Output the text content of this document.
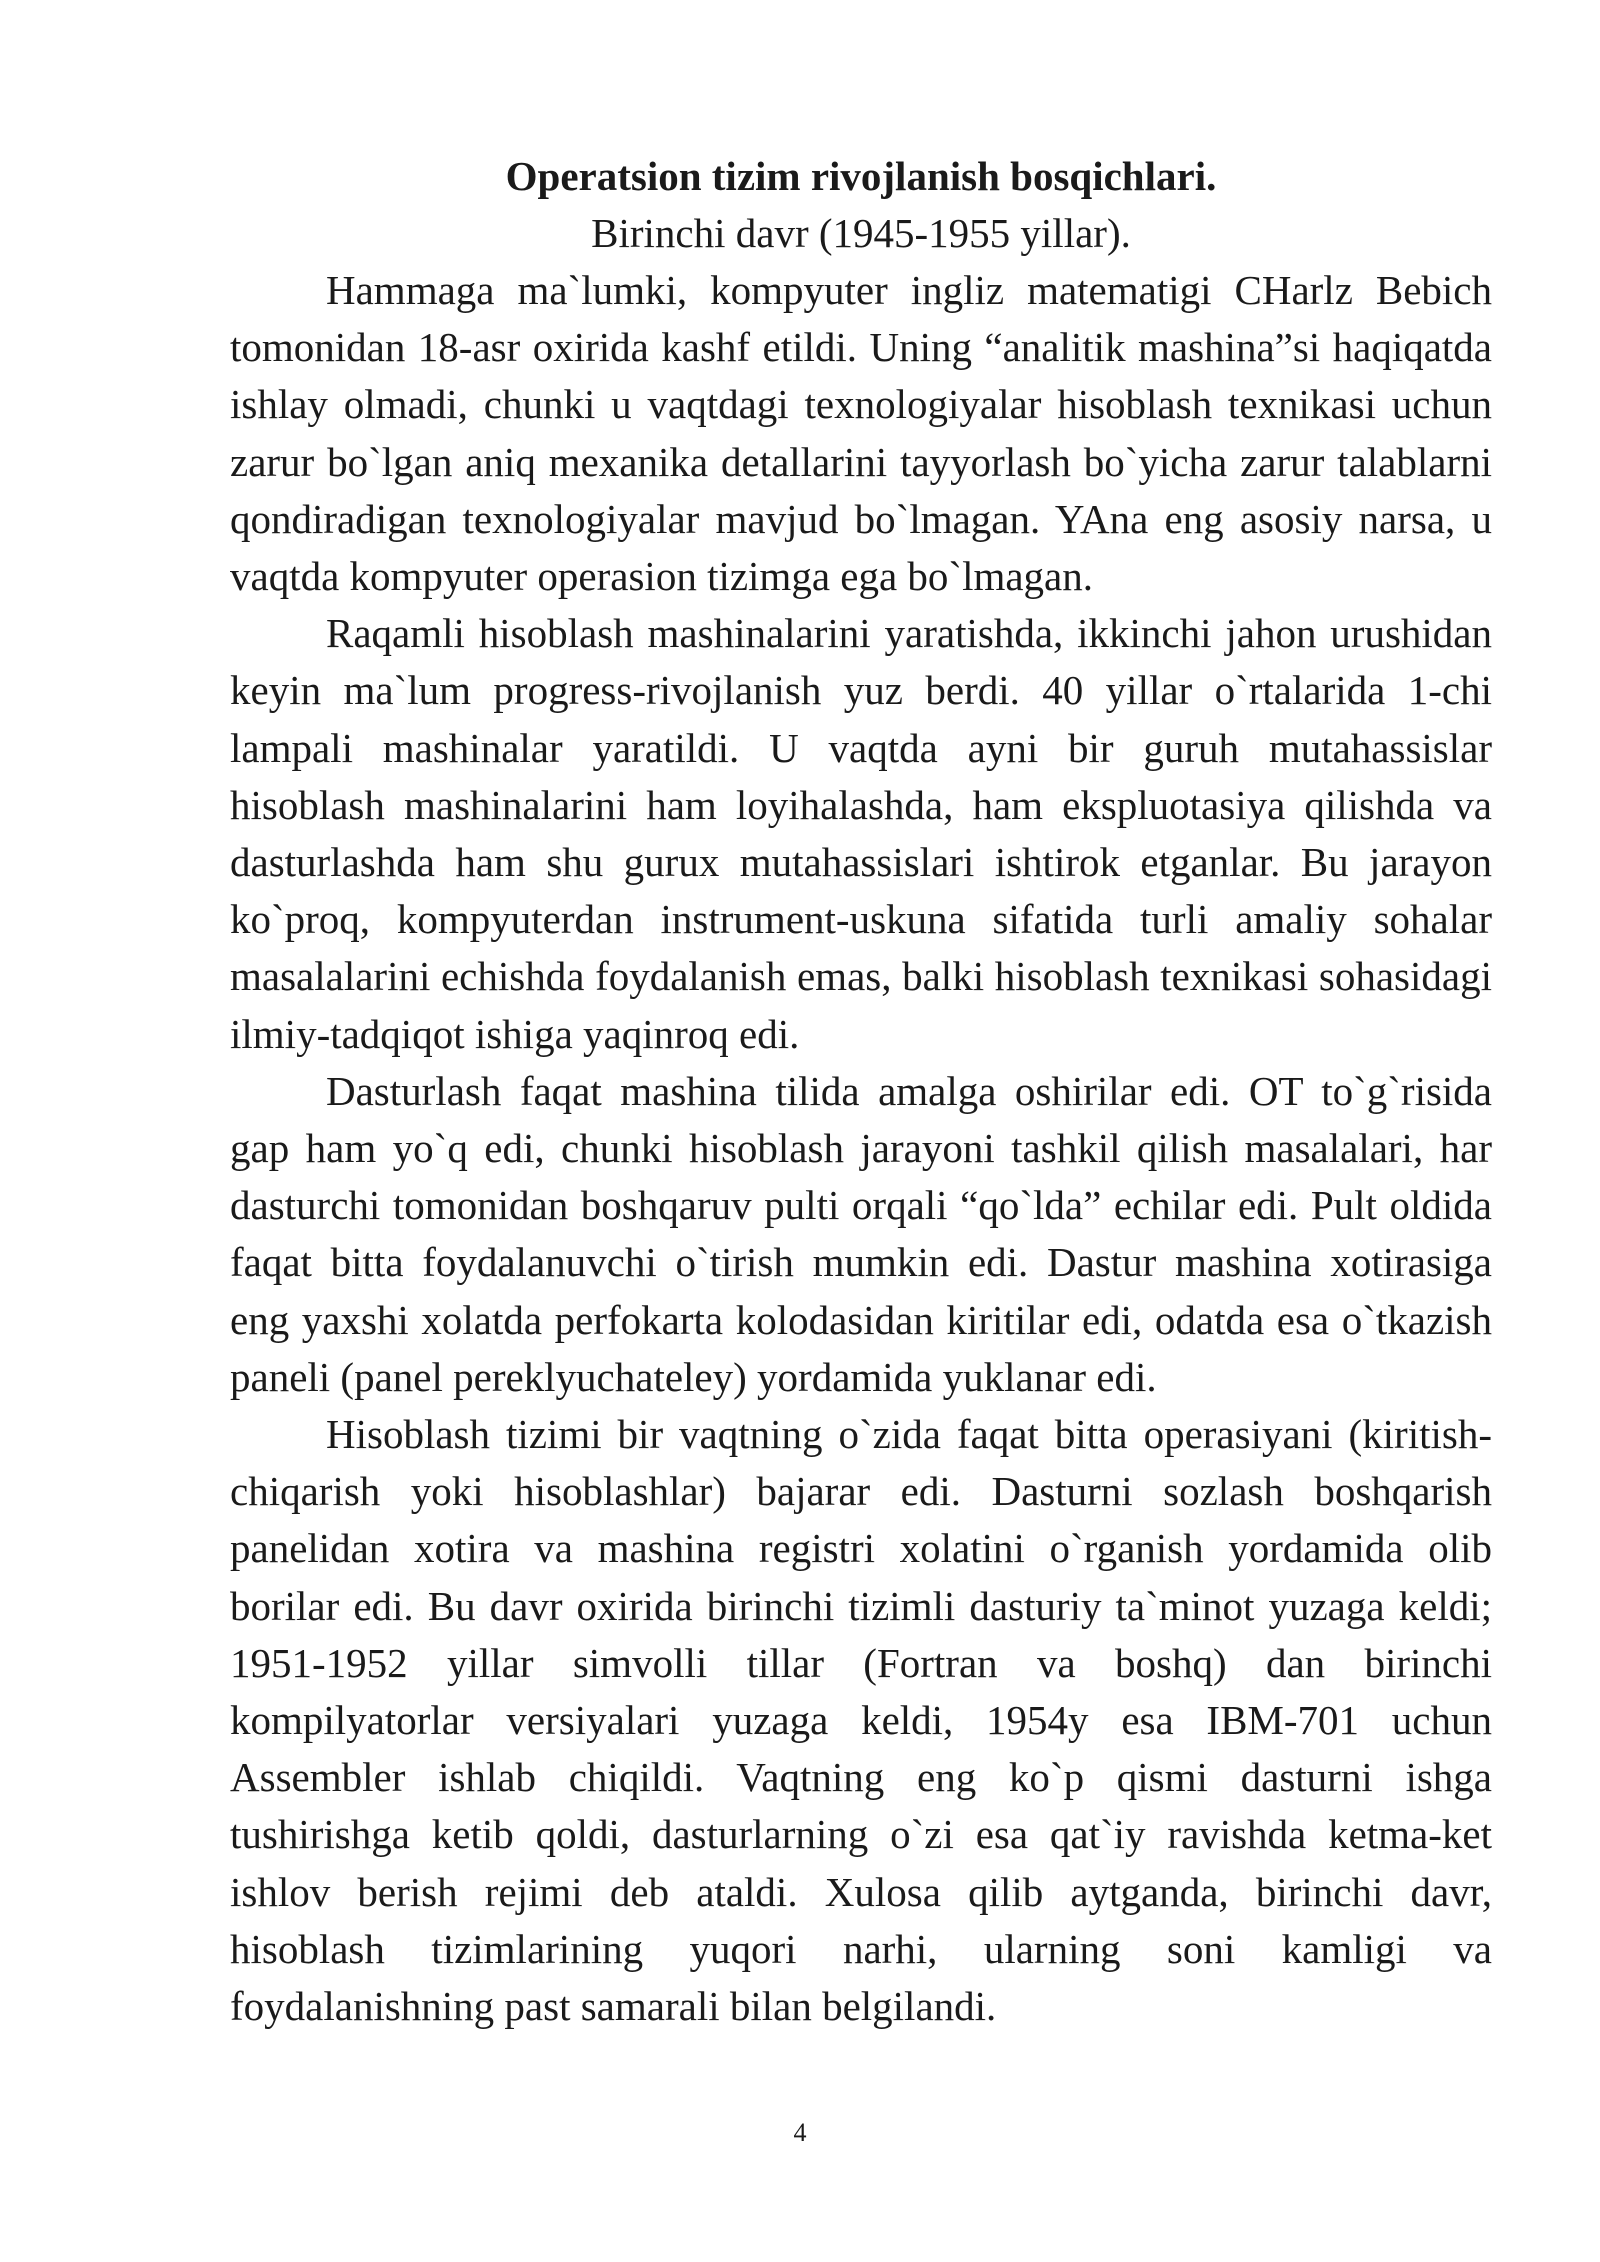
Operatsion tizim rivojlanish bosqichlari.

Birinchi davr (1945-1955 yillar).

Hammaga ma`lumki, kompyuter ingliz matematigi CHarlz Bebich tomonidan 18-asr oxirida kashf etildi. Uning “analitik mashina”si haqiqatda ishlay olmadi, chunki u vaqtdagi texnologiyalar hisoblash texnikasi uchun zarur bo`lgan aniq mexanika detallarini tayyorlash bo`yicha zarur talablarni qondiradigan texnologiyalar mavjud bo`lmagan. YAna eng asosiy narsa, u vaqtda kompyuter operasion tizimga ega bo`lmagan.

Raqamli hisoblash mashinalarini yaratishda, ikkinchi jahon urushidan keyin ma`lum progress-rivojlanish yuz berdi. 40 yillar o`rtalarida 1-chi lampali mashinalar yaratildi. U vaqtda ayni bir guruh mutahassislar hisoblash mashinalarini ham loyihalashda, ham ekspluotasiya qilishda va dasturlashda ham shu gurux mutahassislari ishtirok etganlar. Bu jarayon ko`proq, kompyuterdan instrument-uskuna sifatida turli amaliy sohalar masalalarini echishda foydalanish emas, balki hisoblash texnikasi sohasidagi ilmiy-tadqiqot ishiga yaqinroq edi.

Dasturlash faqat mashina tilida amalga oshirilar edi. OT to`g`risida gap ham yo`q edi, chunki hisoblash jarayoni tashkil qilish masalalari, har dasturchi tomonidan boshqaruv pulti orqali “qo`lda” echilar edi. Pult oldida faqat bitta foydalanuvchi o`tirish mumkin edi. Dastur mashina xotirasiga eng yaxshi xolatda perfokarta kolodasidan kiritilar edi, odatda esa o`tkazish paneli (panel pereklyuchateley) yordamida yuklanar edi.

Hisoblash tizimi bir vaqtning o`zida faqat bitta operasiyani (kiritish-chiqarish yoki hisoblashlar) bajarar edi. Dasturni sozlash boshqarish panelidan xotira va mashina registri xolatini o`rganish yordamida olib borilar edi. Bu davr oxirida birinchi tizimli dasturiy ta`minot yuzaga keldi; 1951-1952 yillar simvolli tillar (Fortran va boshq) dan birinchi kompilyatorlar versiyalari yuzaga keldi, 1954y esa IBM-701 uchun Assembler ishlab chiqildi. Vaqtning eng ko`p qismi dasturni ishga tushirishga ketib qoldi, dasturlarning o`zi esa qat`iy ravishda ketma-ket ishlov berish rejimi deb ataldi. Xulosa qilib aytganda, birinchi davr, hisoblash tizimlarining yuqori narhi, ularning soni kamligi va foydalanishning past samarali bilan belgilandi.

4
